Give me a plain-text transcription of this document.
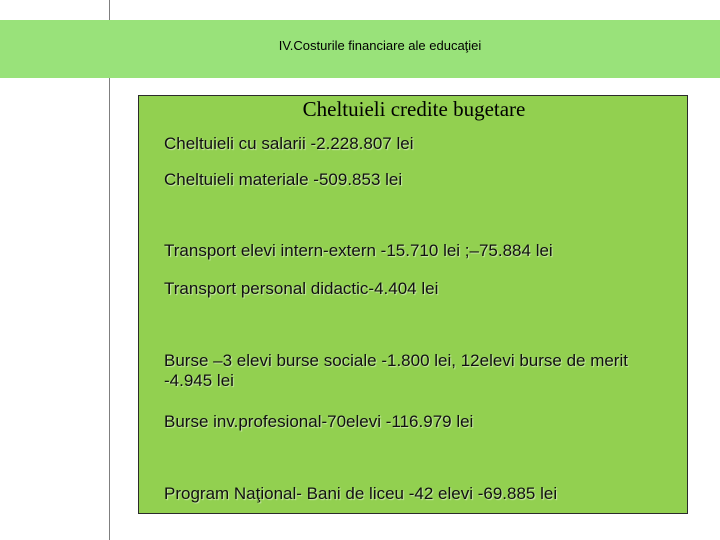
IV.Costurile financiare ale educaţiei
Cheltuieli credite bugetare
Cheltuieli cu salarii -2.228.807 lei
Cheltuieli materiale -509.853 lei
Transport elevi intern-extern -15.710 lei ;–75.884 lei
Transport personal didactic-4.404 lei
Burse –3 elevi burse sociale -1.800 lei, 12elevi burse de merit -4.945 lei
Burse inv.profesional-70elevi -116.979 lei
Program Naţional- Bani de liceu -42 elevi -69.885 lei
